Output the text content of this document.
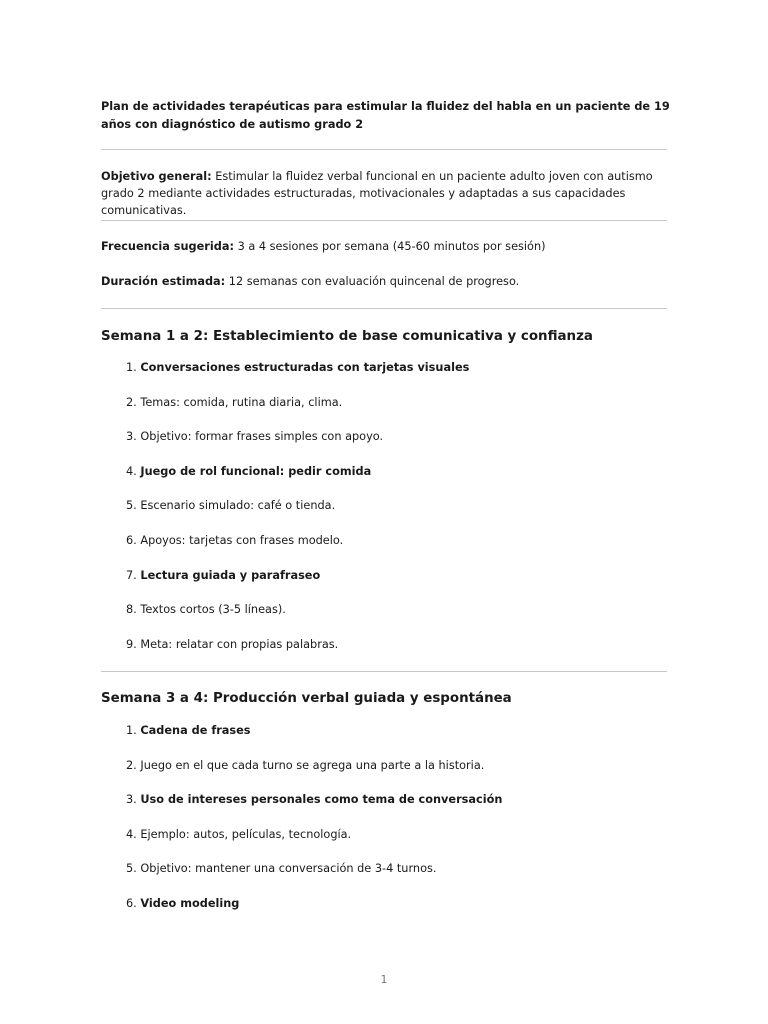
Plan de actividades terapéuticas para estimular la fluidez del habla en un paciente de 19 años con diagnóstico de autismo grado 2

Objetivo general: Estimular la fluidez verbal funcional en un paciente adulto joven con autismo grado 2 mediante actividades estructuradas, motivacionales y adaptadas a sus capacidades comunicativas.

Frecuencia sugerida: 3 a 4 sesiones por semana (45-60 minutos por sesión)

Duración estimada: 12 semanas con evaluación quincenal de progreso.

Semana 1 a 2: Establecimiento de base comunicativa y confianza
1. Conversaciones estructuradas con tarjetas visuales
2. Temas: comida, rutina diaria, clima.
3. Objetivo: formar frases simples con apoyo.
4. Juego de rol funcional: pedir comida
5. Escenario simulado: café o tienda.
6. Apoyos: tarjetas con frases modelo.
7. Lectura guiada y parafraseo
8. Textos cortos (3-5 líneas).
9. Meta: relatar con propias palabras.
Semana 3 a 4: Producción verbal guiada y espontánea
1. Cadena de frases
2. Juego en el que cada turno se agrega una parte a la historia.
3. Uso de intereses personales como tema de conversación
4. Ejemplo: autos, películas, tecnología.
5. Objetivo: mantener una conversación de 3-4 turnos.
6. Video modeling
1
